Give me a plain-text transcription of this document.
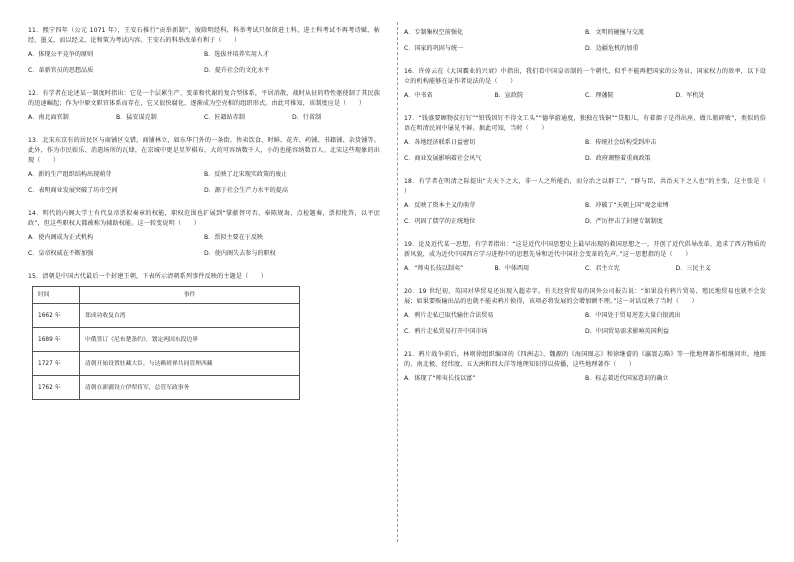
11．熙宁四年（公元 1071 年），王安石推行“贡举新制”，废除明经科，科举考试只保留进士科，进士科考试不再考诗赋、帖经、墨义，而以经义、论和策为考试内容。王安石的科举改革有利于（　　）

A．体现公平竞争的原则	B．选拔并培养实用人才
C．革新官员的思想品质	D．提升社会的文化水平

12．有学者在论述某一制度时指出：它是一个层累生产、变革和代谢的复合型体系，平居消散，战时从征的特性驱使制了其民族的迅速崛起；作为中原文职官体系而存在，它又很快腐化，逐渐成为空壳相的组织形式。由此可推知，该制度应是（　　）

A．南北面官制	B．猛安谋克制	C．匠籍站赤制	D．行省制

13．北宋东京有的居民区与商铺区交错，商铺林立，如东华门外的一条街，售卖饮食、时鲜、花卉、药铺、书籍铺、杂货铺等。此外，作为市民娱乐、消遣场所的瓦肆，在京城中更是星罗棋布，大的可容纳数千人，小的也能容纳数百人。北宋这些现象的出现（　　）

A．新的生产组织结构出现萌芽	B．反映了北宋现实政策的废止
C．表明商业发展突破了坊市空间	D．源于社会生产力水平的提高

14．明代的内阁大学士有代皇帝票拟奏章的权能，职权范围也扩展到“掌献替可否，奉陈规诲，点检题奏，票拟批答，以平庶政”，但这些职权大都被称为辅助权能。这一转变说明（　　）

A．使内阁成为正式机构	B．票拟主要在于反映
C．皇帝权威在不断加强	D．使内阁失去参与的职权

15．清朝是中国古代最后一个封建王朝，下表所示清朝系列事件反映的主题是（　　）

时间	事件
1662 年	郑成功收复台湾
1689 年	中俄签订《尼布楚条约》，划定两国东段边界
1727 年	清朝开始设置驻藏大臣，与达赖班禅共同管理西藏
1762 年	清朝在新疆设立伊犁将军，总管军政事务
A．专制集权空前强化	B．文明的碰撞与交流
C．国家的巩固与统一	D．边疆危机的加重

16．许倬云在《大国霸业的兴衰》中指出，我们看中国皇帝制的一个朝代，似乎不能再把国家的公务员，国家权力的效率，以下设立的机构能够在证作者说法的是（　　）

A．中书省	B．宣政院	C．理藩院	D．军机处

17．“钱盛要顾物贫打钉”“铅钱因钉不得文工头”“德华游通度，独独在钱铜”“贷船儿，有着烟子是得出座，做儿瓶碎败”，类似的俗语在明清民间中屡见不鲜。据此可知，当时（　　）

A．各地经济联系日益密切	B．传统社会结构受到冲击
C．商业发展影响着社会风气	D．政府调整着重商政策

18．有学者在明清之际提出“夫天下之大，非一人之所能治，而分治之以群工”，“群与臣，共治天下之人也”的主张，这主张是（　　）

A．反映了资本主义的萌芽	B．冲破了“天朝上国”观念束缚
C．巩固了儒学的正统地位	D．严厉抨击了封建专制制度

19．论及近代某一思想，有学者指出：“这是近代中国思想史上最早出现的救国思想之一，开创了近代倡导改革、追求了西方物质的新风貌，成为近代中国西方学习进程中的思想先导和近代中国社会变革的先声。”这一思想指的是（　　）

A．“师夷长技以制夷”	B．中体西用	C．君主立宪	D．三民主义

20．19 世纪初，英国对华贸易还出现入超赤字。有关经营贸易的国外公司报告说：“如果没有鸦片贸易，殖民地贸易也就不会发展；如果要贩输出品的也就不能卖鸦片换得，该项必将发展的会增加额不理。”这一对话反映了当时（　　）

A．鸦片走私已取代输住合法贸易	B．中国处于贸易逆差大量白银流出
C．鸦片走私贸易打开中国市场	D．中国贸易需求影响英国利益

21．鸦片战争前后，林则徐组织编译的《四洲志》、魏源的《海国图志》和徐继畲的《瀛寰志略》等一批地理著作相继问世，地图的、南北极、经纬度、五大洲和四大洋等地理知识得以传播，这些地理著作（　　）

A．体现了“师夷长技以富”	B．标志着近代国家意识的确立
